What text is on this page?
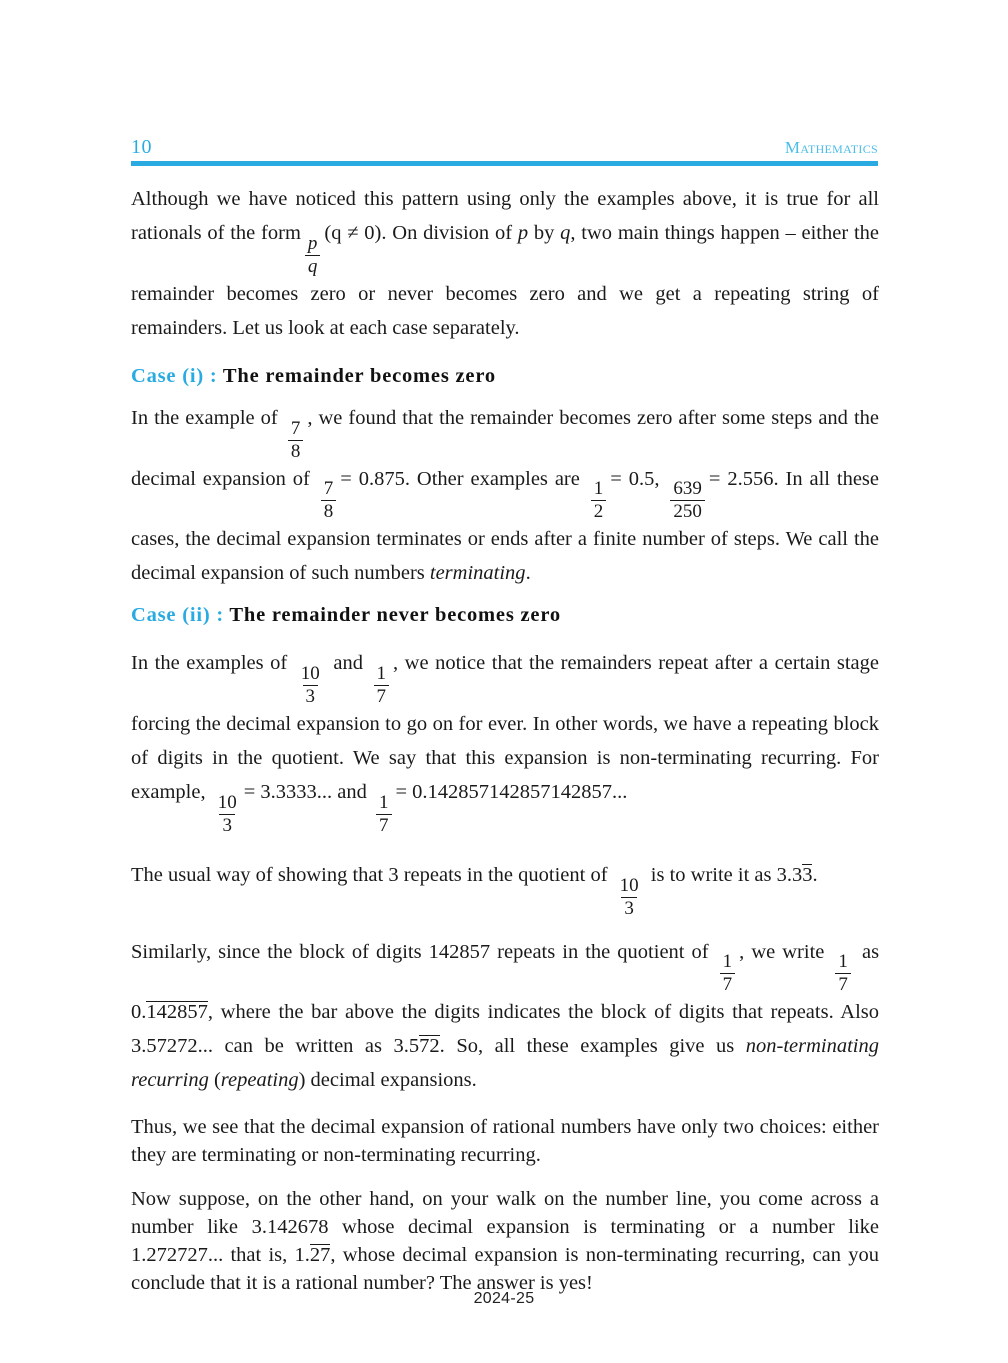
10	Mathematics

Although we have noticed this pattern using only the examples above, it is true for all rationals of the form
$\frac{p}{q}$
(q ≠ 0). On division of p by q, two main things happen – either the remainder becomes zero or never becomes zero and we get a repeating string of remainders. Let us look at each case separately.

Case (i) : The remainder becomes zero

In the example of
$\frac{7}{8}$
, we found that the remainder becomes zero after some steps and the decimal expansion of
$\frac{7}{8}$
= 0.875. Other examples are
$\frac{1}{2}$
= 0.5,
$\frac{639}{250}$
= 2.556. In all these cases, the decimal expansion terminates or ends after a finite number of steps. We call the decimal expansion of such numbers terminating.

Case (ii) : The remainder never becomes zero

In the examples of
$\frac{10}{3}$
and
$\frac{1}{7}$
, we notice that the remainders repeat after a certain stage forcing the decimal expansion to go on for ever. In other words, we have a repeating block of digits in the quotient. We say that this expansion is non-terminating recurring. For example,
$\frac{10}{3}$
= 3.3333... and
$\frac{1}{7}$
= 0.142857142857142857...

The usual way of showing that 3 repeats in the quotient of
$\frac{10}{3}$
is to write it as 3.33.

Similarly, since the block of digits 142857 repeats in the quotient of
$\frac{1}{7}$
, we write
$\frac{1}{7}$
as 0.142857, where the bar above the digits indicates the block of digits that repeats. Also 3.57272... can be written as 3.572. So, all these examples give us non-terminating recurring (repeating) decimal expansions.

Thus, we see that the decimal expansion of rational numbers have only two choices: either they are terminating or non-terminating recurring.

Now suppose, on the other hand, on your walk on the number line, you come across a number like 3.142678 whose decimal expansion is terminating or a number like 1.272727... that is, 1.27, whose decimal expansion is non-terminating recurring, can you conclude that it is a rational number? The answer is yes!

2024-25
